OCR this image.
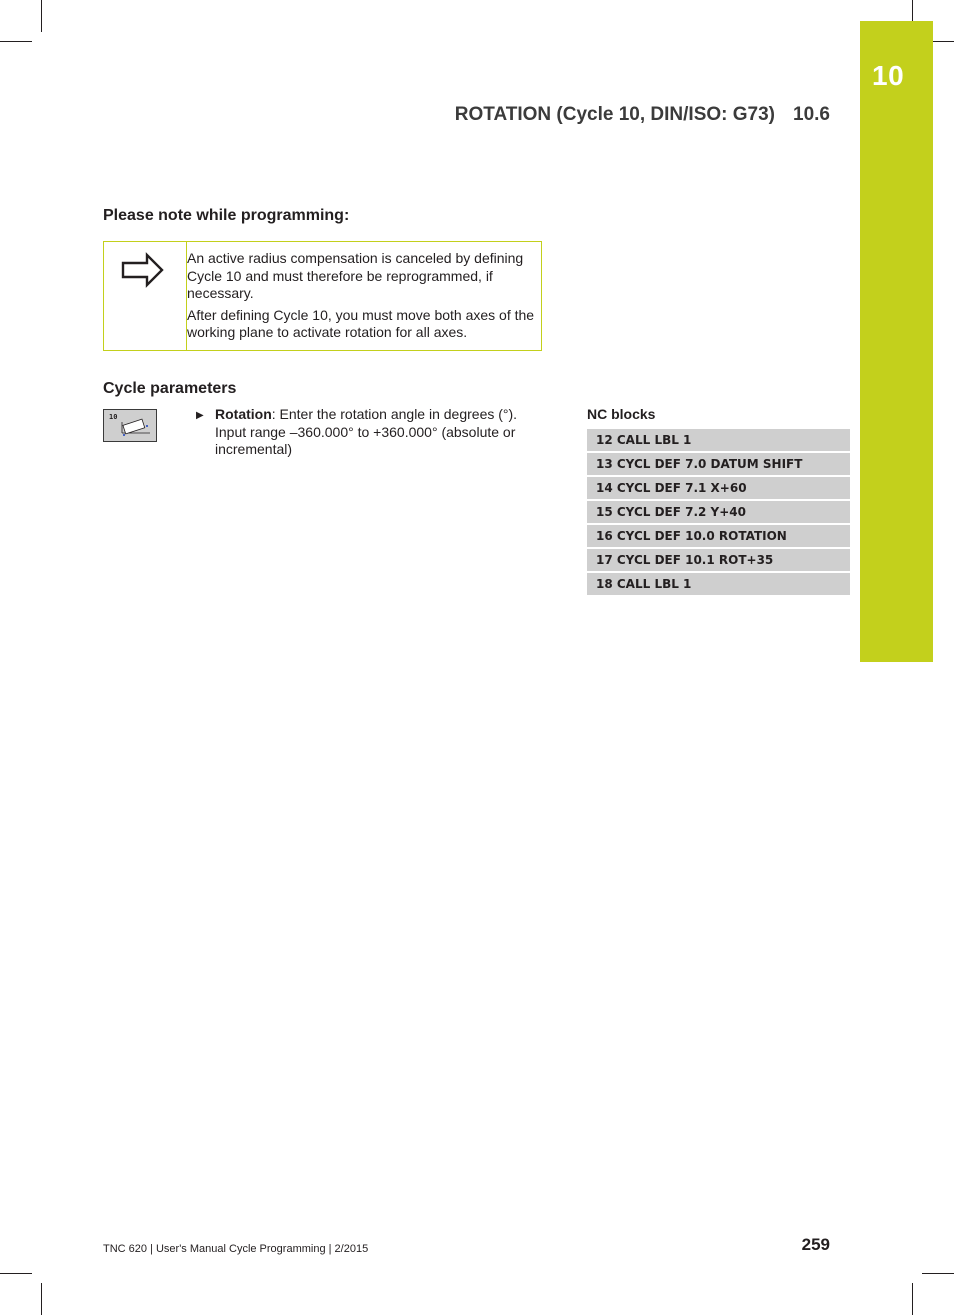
10
ROTATION (Cycle 10, DIN/ISO: G73) 10.6
Please note while programming:

An active radius compensation is canceled by defining Cycle 10 and must therefore be reprogrammed, if necessary.

After defining Cycle 10, you must move both axes of the working plane to activate rotation for all axes.

Cycle parameters
10	▶ Rotation: Enter the rotation angle in degrees (°). Input range –360.000° to +360.000° (absolute or incremental)
NC blocks
12 CALL LBL 1
13 CYCL DEF 7.0 DATUM SHIFT
14 CYCL DEF 7.1 X+60
15 CYCL DEF 7.2 Y+40
16 CYCL DEF 10.0 ROTATION
17 CYCL DEF 10.1 ROT+35
18 CALL LBL 1
TNC 620 | User's Manual Cycle Programming | 2/2015	259
